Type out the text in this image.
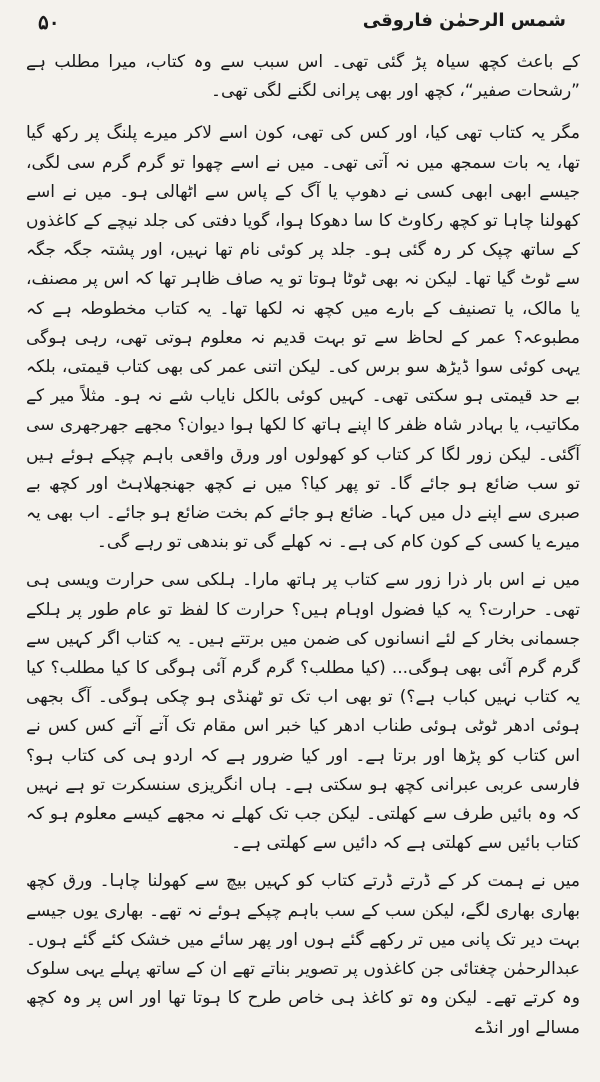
۵۰	شمس الرحمٰن فاروقی

کے باعث کچھ سیاہ پڑ گئی تھی۔ اس سبب سے وہ کتاب، میرا مطلب ہے ”رشحات صفیر“، کچھ اور بھی پرانی لگنے لگی تھی۔

مگر یہ کتاب تھی کیا، اور کس کی تھی، کون اسے لاکر میرے پلنگ پر رکھ گیا تھا، یہ بات سمجھ میں نہ آتی تھی۔ میں نے اسے چھوا تو گرم گرم سی لگی، جیسے ابھی ابھی کسی نے دھوپ یا آگ کے پاس سے اٹھالی ہو۔ میں نے اسے کھولنا چاہا تو کچھ رکاوٹ کا سا دھوکا ہوا، گویا دفتی کی جلد نیچے کے کاغذوں کے ساتھ چپک کر رہ گئی ہو۔ جلد پر کوئی نام تھا نہیں، اور پشتہ جگہ جگہ سے ٹوٹ گیا تھا۔ لیکن نہ بھی ٹوٹا ہوتا تو یہ صاف ظاہر تھا کہ اس پر مصنف، یا مالک، یا تصنیف کے بارے میں کچھ نہ لکھا تھا۔ یہ کتاب مخطوطہ ہے کہ مطبوعہ؟ عمر کے لحاظ سے تو بہت قدیم نہ معلوم ہوتی تھی، رہی ہوگی یہی کوئی سوا ڈیڑھ سو برس کی۔ لیکن اتنی عمر کی بھی کتاب قیمتی، بلکہ بے حد قیمتی ہو سکتی تھی۔ کہیں کوئی بالکل نایاب شے نہ ہو۔ مثلاً میر کے مکاتیب، یا بہادر شاہ ظفر کا اپنے ہاتھ کا لکھا ہوا دیوان؟ مجھے جھرجھری سی آگئی۔ لیکن زور لگا کر کتاب کو کھولوں اور ورق واقعی باہم چپکے ہوئے ہیں تو سب ضائع ہو جائے گا۔ تو پھر کیا؟ میں نے کچھ جھنجھلاہٹ اور کچھ بے صبری سے اپنے دل میں کہا۔ ضائع ہو جائے کم بخت ضائع ہو جائے۔ اب بھی یہ میرے یا کسی کے کون کام کی ہے۔ نہ کھلے گی تو بندھی تو رہے گی۔

میں نے اس بار ذرا زور سے کتاب پر ہاتھ مارا۔ ہلکی سی حرارت ویسی ہی تھی۔ حرارت؟ یہ کیا فضول اوہام ہیں؟ حرارت کا لفظ تو عام طور پر ہلکے جسمانی بخار کے لئے انسانوں کی ضمن میں برتتے ہیں۔ یہ کتاب اگر کہیں سے گرم گرم آئی بھی ہوگی... (کیا مطلب؟ گرم گرم آئی ہوگی کا کیا مطلب؟ کیا یہ کتاب نہیں کباب ہے؟) تو بھی اب تک تو ٹھنڈی ہو چکی ہوگی۔ آگ بجھی ہوئی ادھر ٹوٹی ہوئی طناب ادھر کیا خبر اس مقام تک آتے آتے کس کس نے اس کتاب کو پڑھا اور برتا ہے۔ اور کیا ضرور ہے کہ اردو ہی کی کتاب ہو؟ فارسی عربی عبرانی کچھ ہو سکتی ہے۔ ہاں انگریزی سنسکرت تو ہے نہیں کہ وہ بائیں طرف سے کھلتی۔ لیکن جب تک کھلے نہ مجھے کیسے معلوم ہو کہ کتاب بائیں سے کھلتی ہے کہ دائیں سے کھلتی ہے۔

میں نے ہمت کر کے ڈرتے ڈرتے کتاب کو کہیں بیچ سے کھولنا چاہا۔ ورق کچھ بھاری بھاری لگے، لیکن سب کے سب باہم چپکے ہوئے نہ تھے۔ بھاری یوں جیسے بہت دیر تک پانی میں تر رکھے گئے ہوں اور پھر سائے میں خشک کئے گئے ہوں۔ عبدالرحمٰن چغتائی جن کاغذوں پر تصویر بناتے تھے ان کے ساتھ پہلے یہی سلوک وہ کرتے تھے۔ لیکن وہ تو کاغذ ہی خاص طرح کا ہوتا تھا اور اس پر وہ کچھ مسالے اور انڈے
